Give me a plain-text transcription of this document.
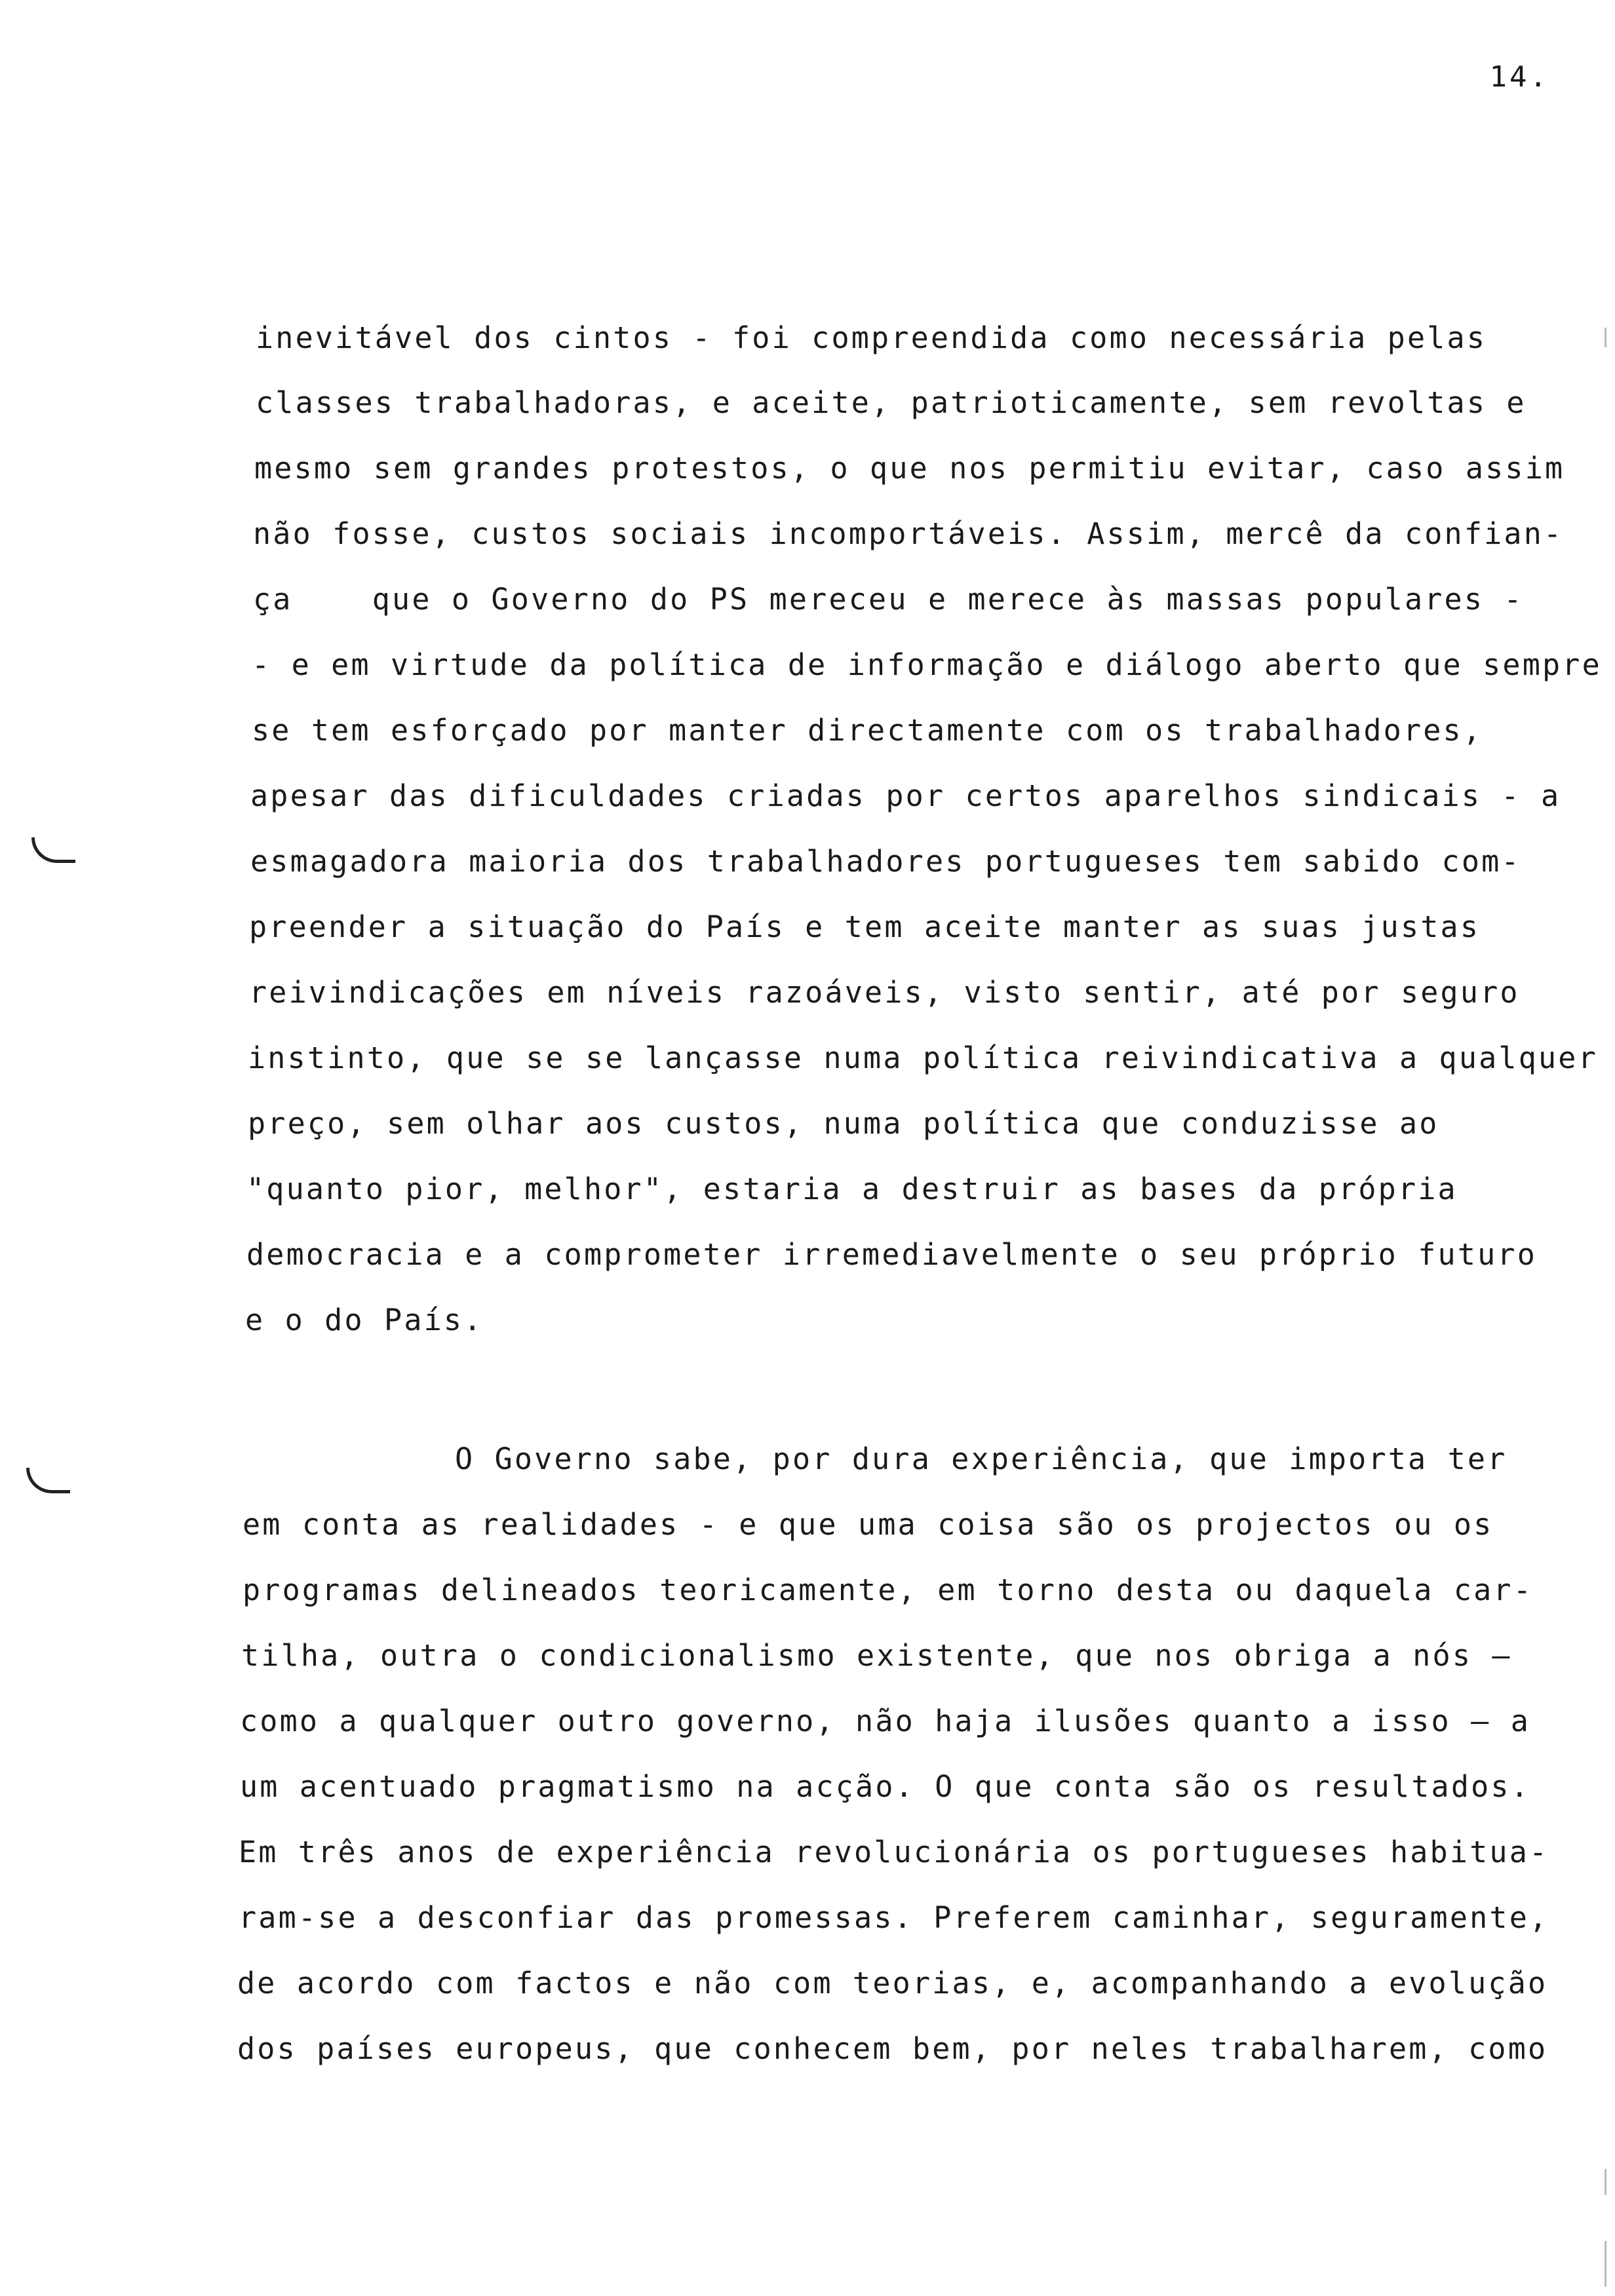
14.
inevitável dos cintos - foi compreendida como necessária pelas
classes trabalhadoras, e aceite, patrioticamente, sem revoltas e
mesmo sem grandes protestos, o que nos permitiu evitar, caso assim
não fosse, custos sociais incomportáveis. Assim, mercê da confian-
ça    que o Governo do PS mereceu e merece às massas populares -
- e em virtude da política de informação e diálogo aberto que sempre
se tem esforçado por manter directamente com os trabalhadores,
apesar das dificuldades criadas por certos aparelhos sindicais - a
esmagadora maioria dos trabalhadores portugueses tem sabido com-
preender a situação do País e tem aceite manter as suas justas
reivindicações em níveis razoáveis, visto sentir, até por seguro
instinto, que se se lançasse numa política reivindicativa a qualquer
preço, sem olhar aos custos, numa política que conduzisse ao
"quanto pior, melhor", estaria a destruir as bases da própria
democracia e a comprometer irremediavelmente o seu próprio futuro
e o do País.
O Governo sabe, por dura experiência, que importa ter
em conta as realidades - e que uma coisa são os projectos ou os
programas delineados teoricamente, em torno desta ou daquela car-
tilha, outra o condicionalismo existente, que nos obriga a nós —
como a qualquer outro governo, não haja ilusões quanto a isso — a
um acentuado pragmatismo na acção. O que conta são os resultados.
Em três anos de experiência revolucionária os portugueses habitua-
ram-se a desconfiar das promessas. Preferem caminhar, seguramente,
de acordo com factos e não com teorias, e, acompanhando a evolução
dos países europeus, que conhecem bem, por neles trabalharem, como
